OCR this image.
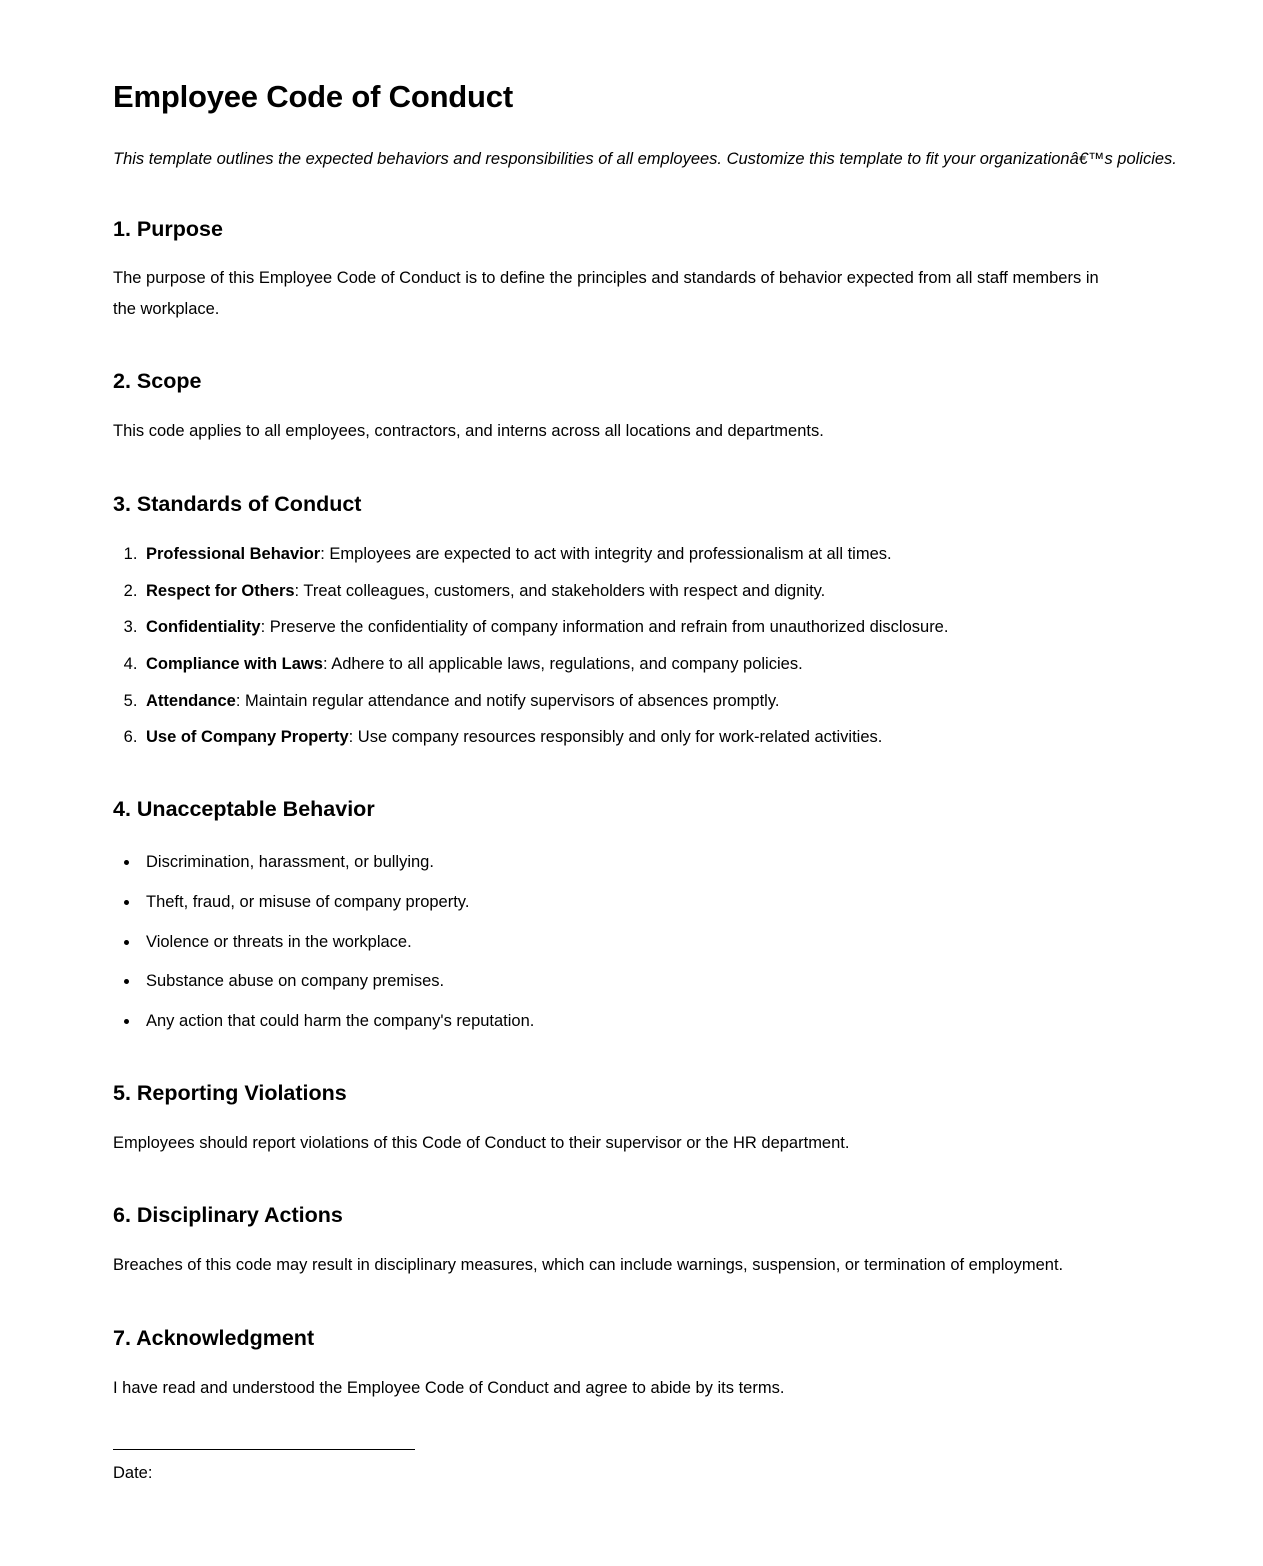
Employee Code of Conduct

This template outlines the expected behaviors and responsibilities of all employees. Customize this template to fit your organizationâ€™s policies.

1. Purpose

The purpose of this Employee Code of Conduct is to define the principles and standards of behavior expected from all staff members in the workplace.

2. Scope

This code applies to all employees, contractors, and interns across all locations and departments.

3. Standards of Conduct
1. Professional Behavior: Employees are expected to act with integrity and professionalism at all times.
2. Respect for Others: Treat colleagues, customers, and stakeholders with respect and dignity.
3. Confidentiality: Preserve the confidentiality of company information and refrain from unauthorized disclosure.
4. Compliance with Laws: Adhere to all applicable laws, regulations, and company policies.
5. Attendance: Maintain regular attendance and notify supervisors of absences promptly.
6. Use of Company Property: Use company resources responsibly and only for work-related activities.
4. Unacceptable Behavior
• Discrimination, harassment, or bullying.
• Theft, fraud, or misuse of company property.
• Violence or threats in the workplace.
• Substance abuse on company premises.
• Any action that could harm the company's reputation.
5. Reporting Violations

Employees should report violations of this Code of Conduct to their supervisor or the HR department.

6. Disciplinary Actions

Breaches of this code may result in disciplinary measures, which can include warnings, suspension, or termination of employment.

7. Acknowledgment

I have read and understood the Employee Code of Conduct and agree to abide by its terms.

Date:
